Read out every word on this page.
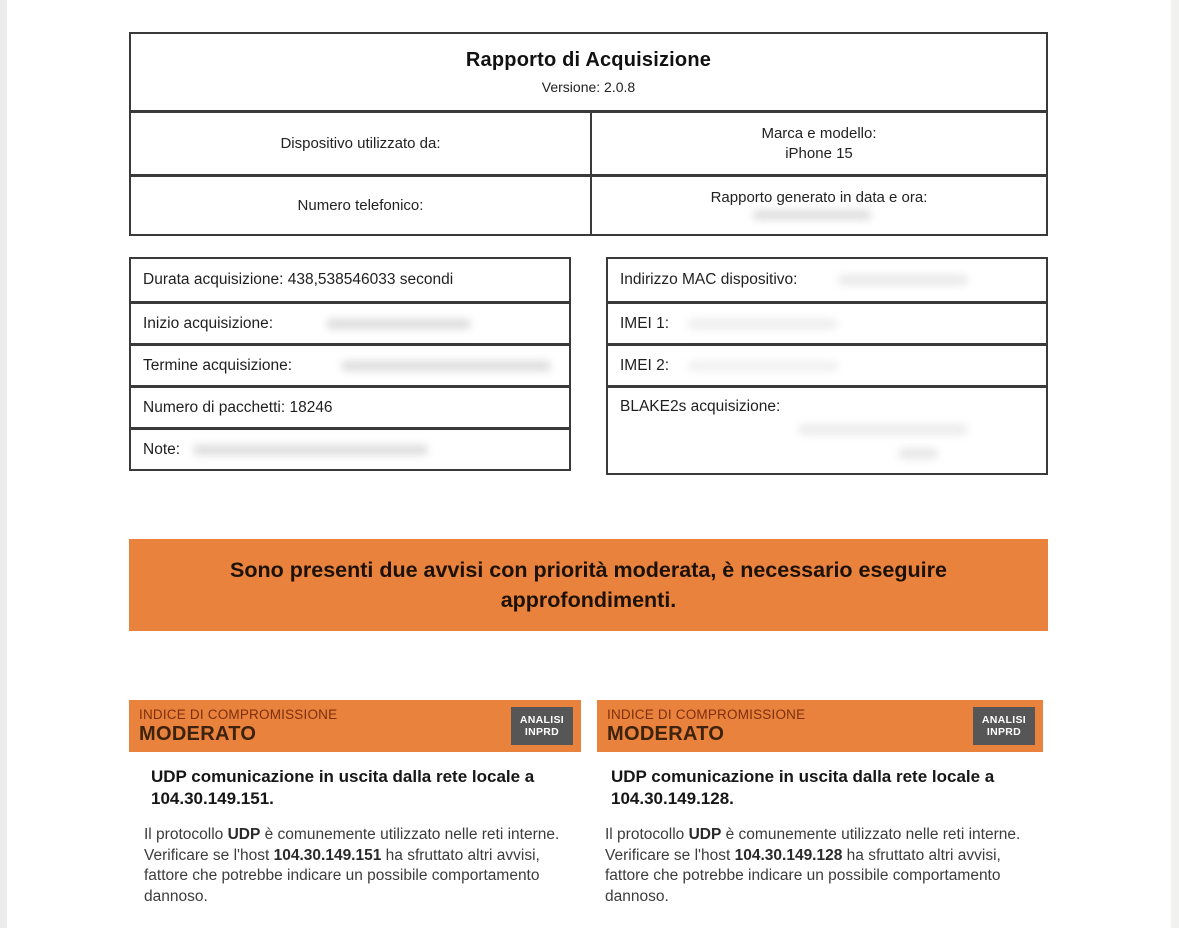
Rapporto di Acquisizione
Versione: 2.0.8
Dispositivo utilizzato da:
Marca e modello:
iPhone 15
Numero telefonico:	Rapporto generato in data e ora:
Durata acquisizione: 438,538546033 secondi
Inizio acquisizione:
Termine acquisizione:
Numero di pacchetti: 18246
Note:
Indirizzo MAC dispositivo:
IMEI 1:
IMEI 2:
BLAKE2s acquisizione:
Sono presenti due avvisi con priorità moderata, è necessario eseguire approfondimenti.
INDICE DI COMPROMISSIONE
MODERATO
ANALISI
INPRD
UDP comunicazione in uscita dalla rete locale a 104.30.149.151.
Il protocollo UDP è comunemente utilizzato nelle reti interne. Verificare se l'host 104.30.149.151 ha sfruttato altri avvisi, fattore che potrebbe indicare un possibile comportamento dannoso.
INDICE DI COMPROMISSIONE
MODERATO
ANALISI
INPRD
UDP comunicazione in uscita dalla rete locale a 104.30.149.128.
Il protocollo UDP è comunemente utilizzato nelle reti interne. Verificare se l'host 104.30.149.128 ha sfruttato altri avvisi, fattore che potrebbe indicare un possibile comportamento dannoso.
